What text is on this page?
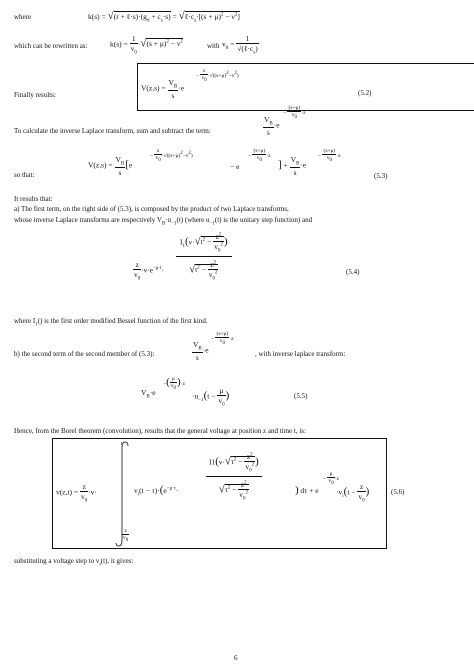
where	$k(s) = √(r + \ell\cdot s)\cdot(g_d + c_s\cdot s)$ = $√\ell\cdot c_s\cdot[(s + \mu)^2 - \nu^2]$
which can be rewritten as:	$k(s) = \frac{1}{v_0} \cdot√(s + \mu)^2 - \nu^2$	with $v_0 = \frac{1}{√(\ell\cdot c_s)}$
Finally results:
$V(z,s) = \frac{V_B}{s} \cdot e$
− $\frac{z}{v0} \cdot√((s+\mu)2-\nu 2)$
(5.2)
To calculate the inverse Laplace transform, sum and subtract the term:	$\frac{V_B}{s} \cdot e$
− $\frac{(s+\mu)}{v0} \cdot z$
so that:
$V(z,s) = \frac{V_B}{s} [e$
− $\frac{z}{v0} \cdot√((s+\mu)2-\nu 2)$
− e
− $\frac{(s+\mu)}{v0} \cdot z$
] + $\frac{V_B}{s} \cdot e$
− $\frac{(s+\mu)}{v0} \cdot z$
(5.3)
It results that:
a) The first term, on the right side of (5.3), is composed by the product of two Laplace transforms,
whose inverse Laplace transforms are respectively $V_B\cdot u_{-1}(t)$ (where $u_{-1}(t)$ is the unitary step function) and
$\frac{z}{v_0} \cdot\nu\cdot e^{-\mu\cdot t}\cdot \frac{I_1(\nu\cdot√t^2 - \frac{z^2}{v_0^2} )}{√t^2 - \frac{z^2}{v_0^2}}$	(5.4)
where $I_1()$ is the first order modified Bessel function of the first kind.
b) the second term of the second member of (5.3):	$\frac{V_B}{s} \cdot e$
− $\frac{(s+\mu)}{v0} \cdot z$
, with inverse laplace transform:
$V_B\cdot e$
−( $\frac{\mu}{v0} )\cdot z$
$\cdot u_{-1}(t - \frac{\mu}{v_0}$ )	(5.5)
Hence, from the Borel theorem (convolution), results that the general voltage at position z and time t, is:
$v(z,t) = \frac{z}{v_0} \cdot\nu\cdot$
t
$\frac{z}{v0}$
$v_i(t - \tau)\cdot(e^{-\mu\cdot\tau}\cdot$	$\frac{I1(\nu\cdot√\tau^2 - \frac{z^2}{v_0^2} )}{√\tau^2 - \frac{z^2}{v_0^2}}$	) dτ + e
− $\frac{\mu}{v0} \cdot z$
$\cdot v_i(t - \frac{z}{v_0}$ )	(5.6)
substituting a voltage step to $v_i(t)$, it gives:
6
